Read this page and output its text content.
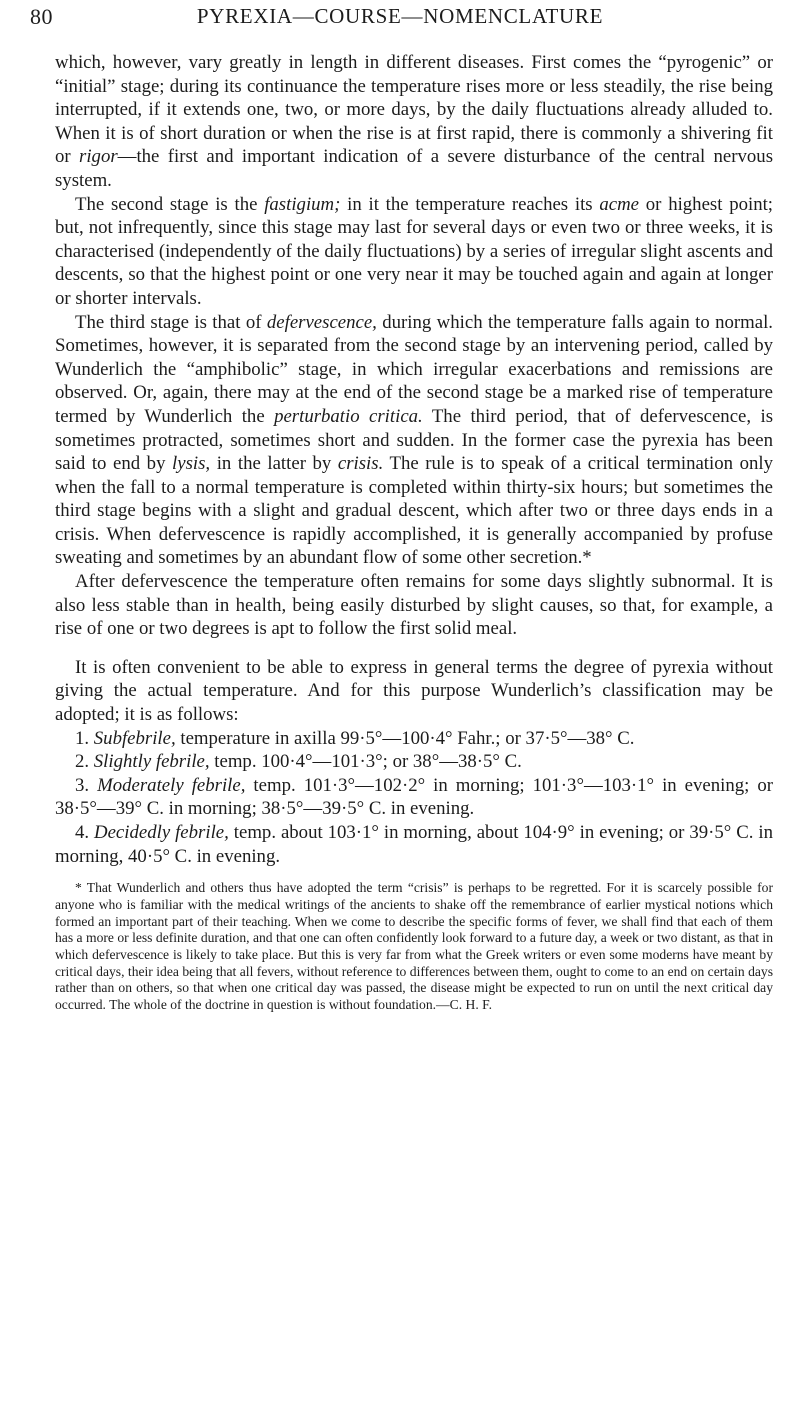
80	PYREXIA—COURSE—NOMENCLATURE

which, however, vary greatly in length in different diseases. First comes the “pyrogenic” or “initial” stage; during its continuance the temperature rises more or less steadily, the rise being interrupted, if it extends one, two, or more days, by the daily fluctuations already alluded to. When it is of short duration or when the rise is at first rapid, there is commonly a shivering fit or rigor—the first and important indication of a severe disturbance of the central nervous system.

The second stage is the fastigium; in it the temperature reaches its acme or highest point; but, not infrequently, since this stage may last for several days or even two or three weeks, it is characterised (independently of the daily fluctuations) by a series of irregular slight ascents and descents, so that the highest point or one very near it may be touched again and again at longer or shorter intervals.

The third stage is that of defervescence, during which the temperature falls again to normal. Sometimes, however, it is separated from the second stage by an intervening period, called by Wunderlich the “amphibolic” stage, in which irregular exacerbations and remissions are observed. Or, again, there may at the end of the second stage be a marked rise of temperature termed by Wunderlich the perturbatio critica. The third period, that of defervescence, is sometimes protracted, sometimes short and sudden. In the former case the pyrexia has been said to end by lysis, in the latter by crisis. The rule is to speak of a critical termination only when the fall to a normal temperature is completed within thirty-six hours; but sometimes the third stage begins with a slight and gradual descent, which after two or three days ends in a crisis. When defervescence is rapidly accomplished, it is generally accompanied by profuse sweating and sometimes by an abundant flow of some other secretion.*

After defervescence the temperature often remains for some days slightly subnormal. It is also less stable than in health, being easily disturbed by slight causes, so that, for example, a rise of one or two degrees is apt to follow the first solid meal.

It is often convenient to be able to express in general terms the degree of pyrexia without giving the actual temperature. And for this purpose Wunderlich’s classification may be adopted; it is as follows:

1. Subfebrile, temperature in axilla 99·5°—100·4° Fahr.; or 37·5°—38° C.

2. Slightly febrile, temp. 100·4°—101·3°; or 38°—38·5° C.

3. Moderately febrile, temp. 101·3°—102·2° in morning; 101·3°—103·1° in evening; or 38·5°—39° C. in morning; 38·5°—39·5° C. in evening.

4. Decidedly febrile, temp. about 103·1° in morning, about 104·9° in evening; or 39·5° C. in morning, 40·5° C. in evening.

* That Wunderlich and others thus have adopted the term “crisis” is perhaps to be regretted. For it is scarcely possible for anyone who is familiar with the medical writings of the ancients to shake off the remembrance of earlier mystical notions which formed an important part of their teaching. When we come to describe the specific forms of fever, we shall find that each of them has a more or less definite duration, and that one can often confidently look forward to a future day, a week or two distant, as that in which defervescence is likely to take place. But this is very far from what the Greek writers or even some moderns have meant by critical days, their idea being that all fevers, without reference to differences between them, ought to come to an end on certain days rather than on others, so that when one critical day was passed, the disease might be expected to run on until the next critical day occurred. The whole of the doctrine in question is without foundation.—C. H. F.
